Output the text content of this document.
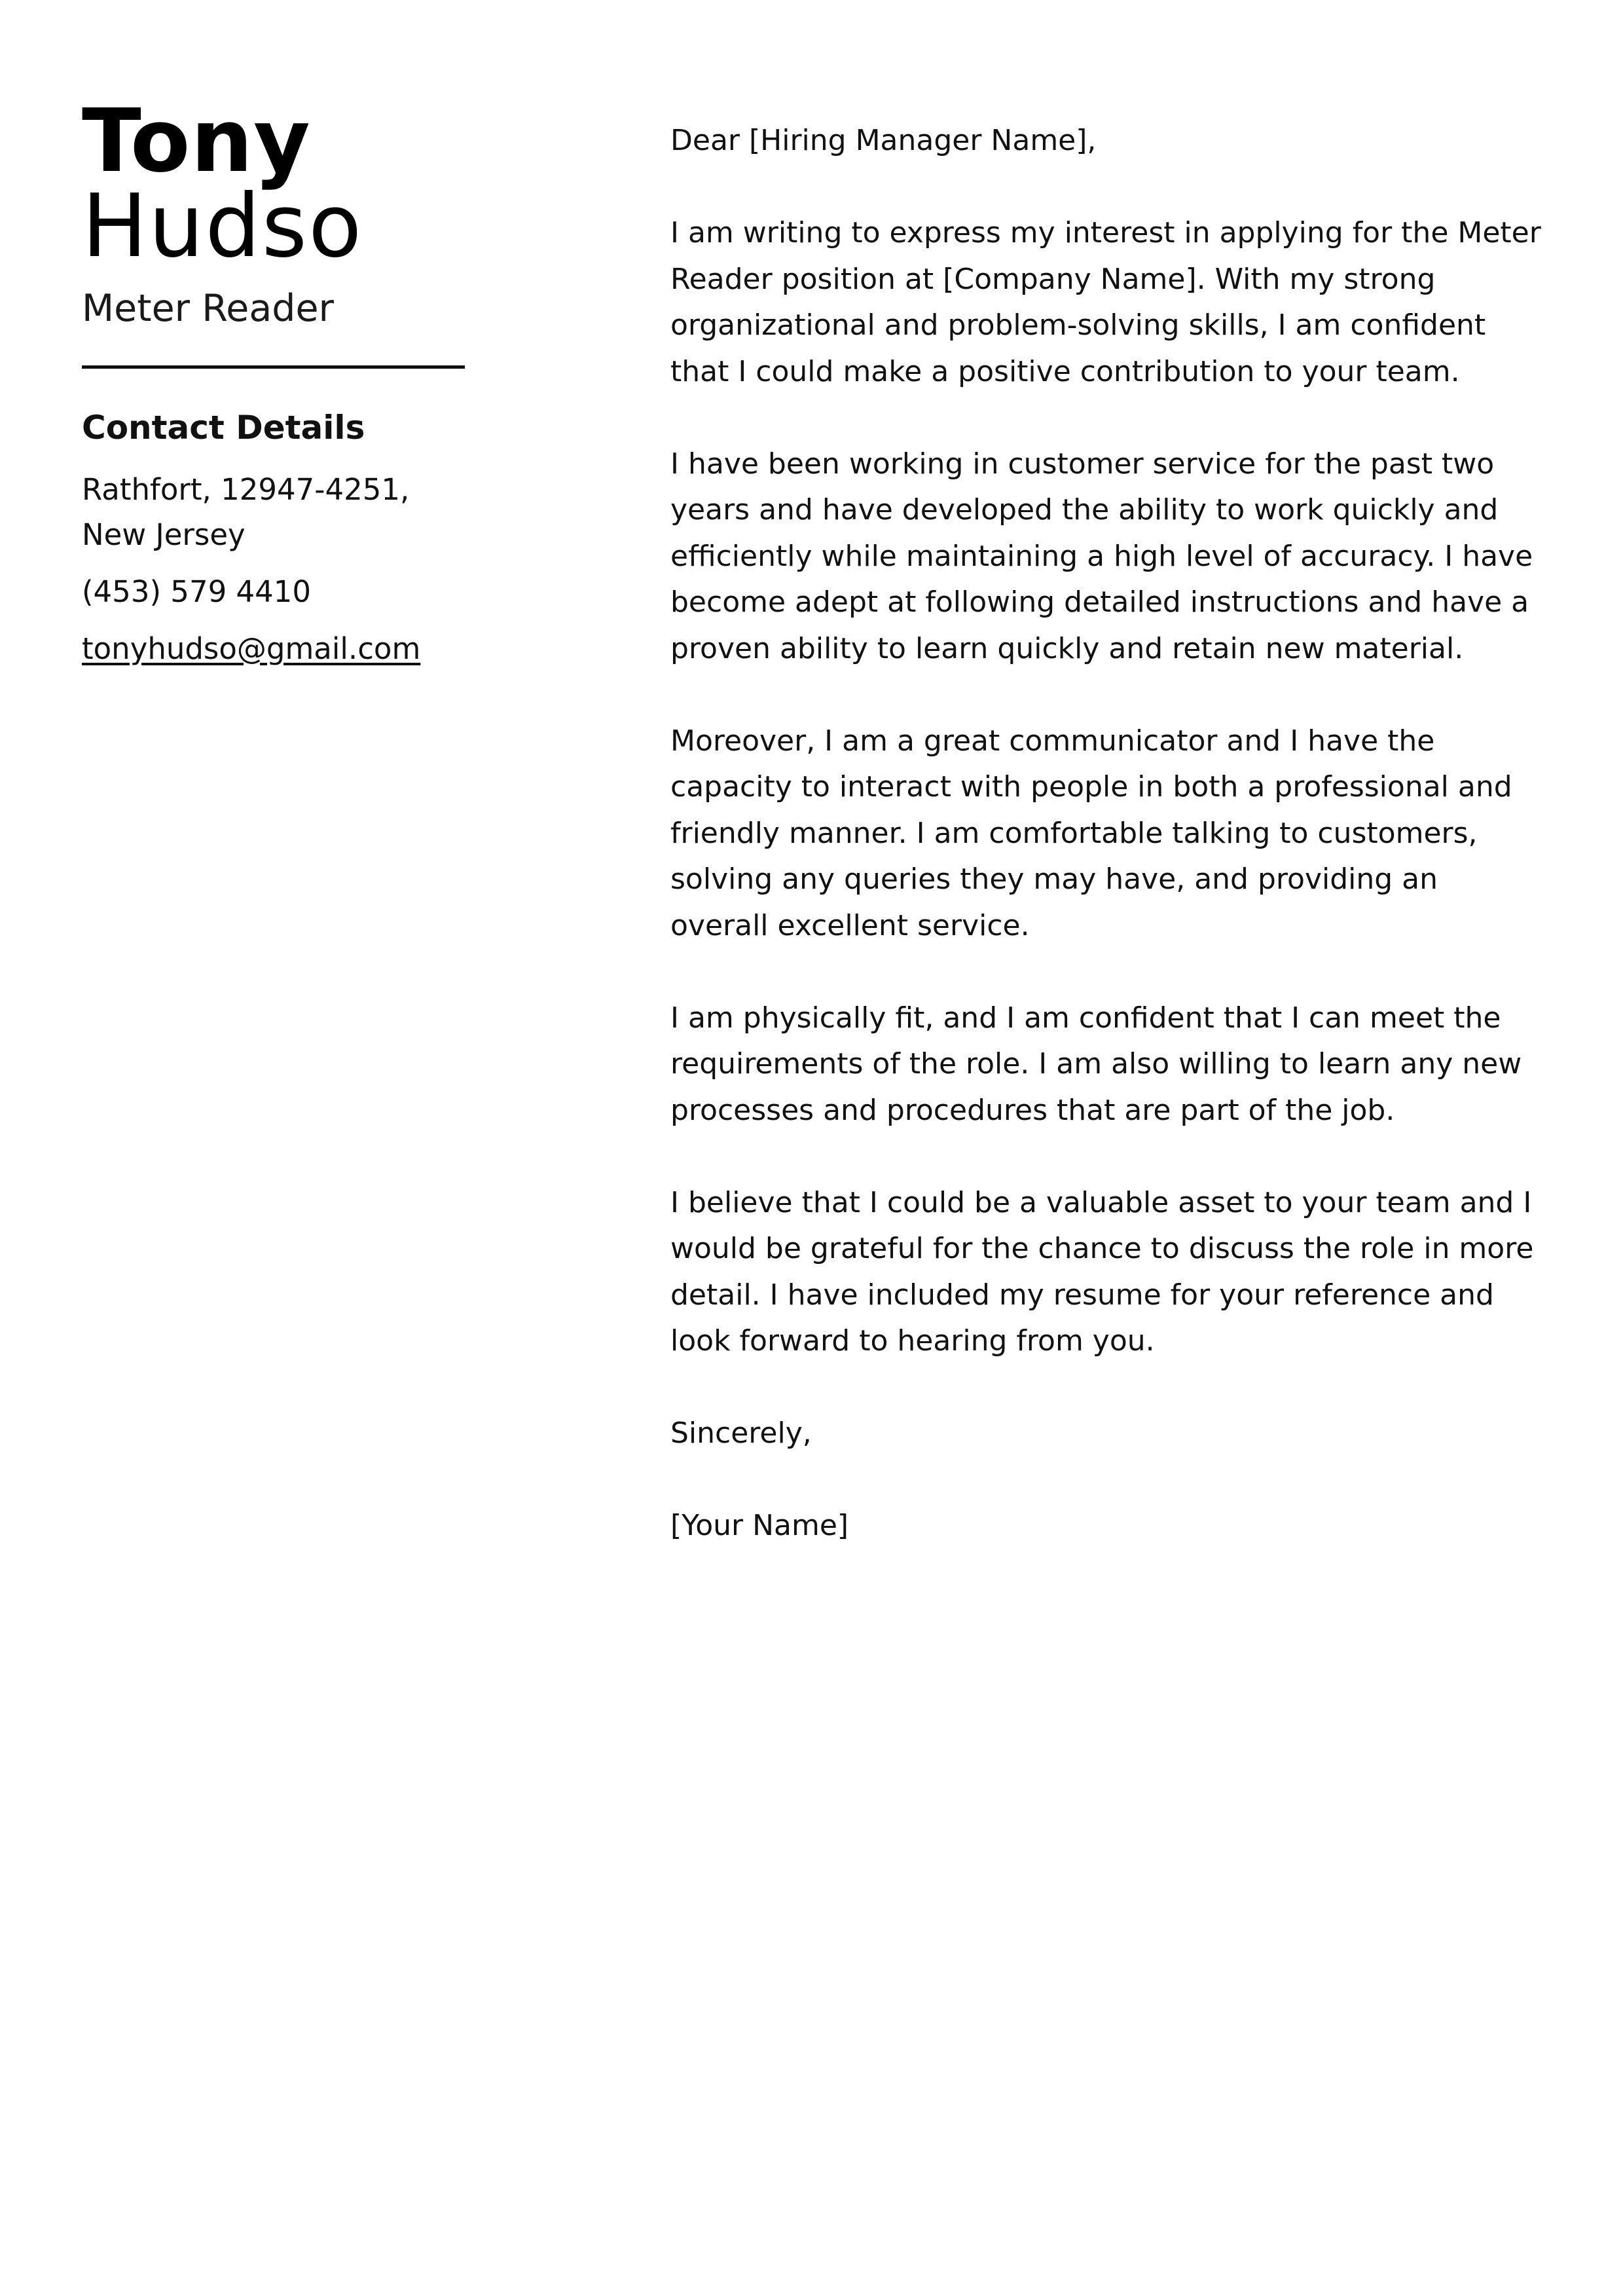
Tony
Hudso
Meter Reader
Contact Details
Rathfort, 12947-4251, New Jersey
(453) 579 4410
tonyhudso@gmail.com

Dear [Hiring Manager Name],

I am writing to express my interest in applying for the Meter Reader position at [Company Name]. With my strong organizational and problem-solving skills, I am confident that I could make a positive contribution to your team.

I have been working in customer service for the past two years and have developed the ability to work quickly and efficiently while maintaining a high level of accuracy. I have become adept at following detailed instructions and have a proven ability to learn quickly and retain new material.

Moreover, I am a great communicator and I have the capacity to interact with people in both a professional and friendly manner. I am comfortable talking to customers, solving any queries they may have, and providing an overall excellent service.

I am physically fit, and I am confident that I can meet the requirements of the role. I am also willing to learn any new processes and procedures that are part of the job.

I believe that I could be a valuable asset to your team and I would be grateful for the chance to discuss the role in more detail. I have included my resume for your reference and look forward to hearing from you.

Sincerely,

[Your Name]
